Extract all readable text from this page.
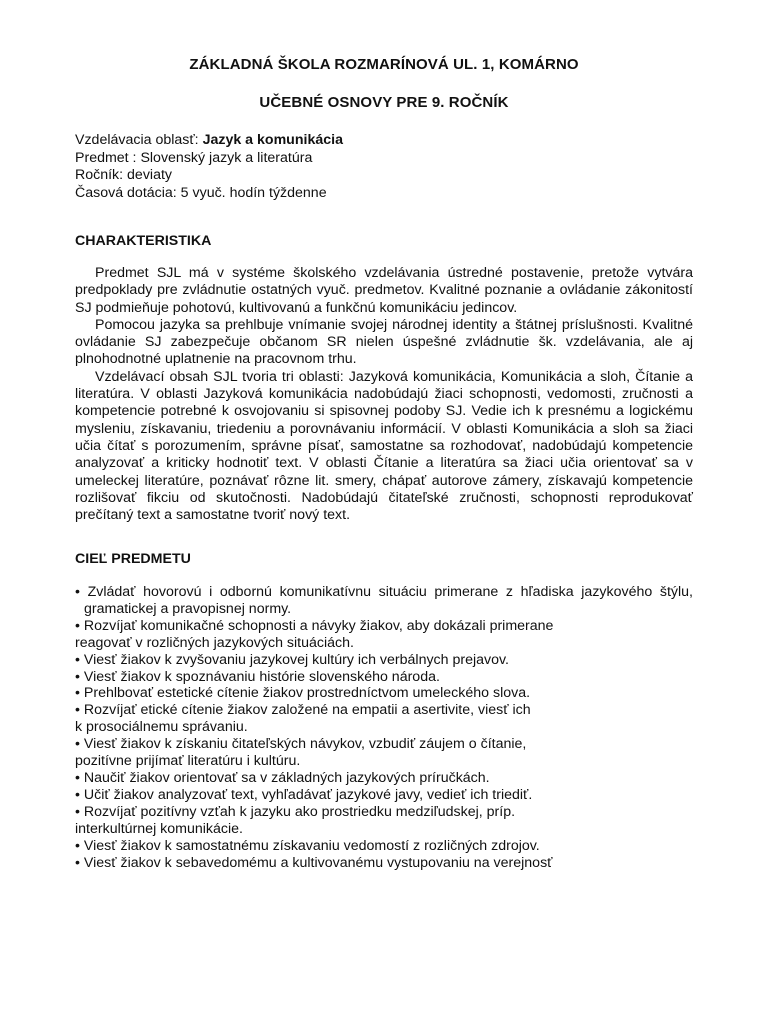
ZÁKLADNÁ ŠKOLA ROZMARÍNOVÁ UL. 1, KOMÁRNO
UČEBNÉ OSNOVY PRE 9. ROČNÍK
Vzdelávacia oblasť: Jazyk a komunikácia
Predmet : Slovenský jazyk a literatúra
Ročník: deviaty
Časová dotácia: 5 vyuč. hodín týždenne
CHARAKTERISTIKA

Predmet SJL má v systéme školského vzdelávania ústredné postavenie, pretože vytvára predpoklady pre zvládnutie ostatných vyuč. predmetov. Kvalitné poznanie a ovládanie zákonitostí SJ podmieňuje pohotovú, kultivovanú a funkčnú komunikáciu jedincov.

Pomocou jazyka sa prehlbuje vnímanie svojej národnej identity a štátnej príslušnosti. Kvalitné ovládanie SJ zabezpečuje občanom SR nielen úspešné zvládnutie šk. vzdelávania, ale aj plnohodnotné uplatnenie na pracovnom trhu.

Vzdelávací obsah SJL tvoria tri oblasti: Jazyková komunikácia, Komunikácia a sloh, Čítanie a literatúra. V oblasti Jazyková komunikácia nadobúdajú žiaci schopnosti, vedomosti, zručnosti a kompetencie potrebné k osvojovaniu si spisovnej podoby SJ. Vedie ich k presnému a logickému mysleniu, získavaniu, triedeniu a porovnávaniu informácií. V oblasti Komunikácia a sloh sa žiaci učia čítať s porozumením, správne písať, samostatne sa rozhodovať, nadobúdajú kompetencie analyzovať a kriticky hodnotiť text. V oblasti Čítanie a literatúra sa žiaci učia orientovať sa v umeleckej literatúre, poznávať rôzne lit. smery, chápať autorove zámery, získavajú kompetencie rozlišovať fikciu od skutočnosti. Nadobúdajú čitateľské zručnosti, schopnosti reprodukovať prečítaný text a samostatne tvoriť nový text.

CIEĽ PREDMETU

• Zvládať hovorovú i odbornú komunikatívnu situáciu primerane z hľadiska jazykového štýlu, gramatickej a pravopisnej normy.

• Rozvíjať komunikačné schopnosti a návyky žiakov, aby dokázali primerane
reagovať v rozličných jazykových situáciách.

• Viesť žiakov k zvyšovaniu jazykovej kultúry ich verbálnych prejavov.

• Viesť žiakov k spoznávaniu histórie slovenského národa.

• Prehlbovať estetické cítenie žiakov prostredníctvom umeleckého slova.

• Rozvíjať etické cítenie žiakov založené na empatii a asertivite, viesť ich
k prosociálnemu správaniu.

• Viesť žiakov k získaniu čitateľských návykov, vzbudiť záujem o čítanie,
pozitívne prijímať literatúru i kultúru.

• Naučiť žiakov orientovať sa v základných jazykových príručkách.

• Učiť žiakov analyzovať text, vyhľadávať jazykové javy, vedieť ich triediť.

• Rozvíjať pozitívny vzťah k jazyku ako prostriedku medziľudskej, príp.
interkultúrnej komunikácie.

• Viesť žiakov k samostatnému získavaniu vedomostí z rozličných zdrojov.

• Viesť žiakov k sebavedomému a kultivovanému vystupovaniu na verejnosť
